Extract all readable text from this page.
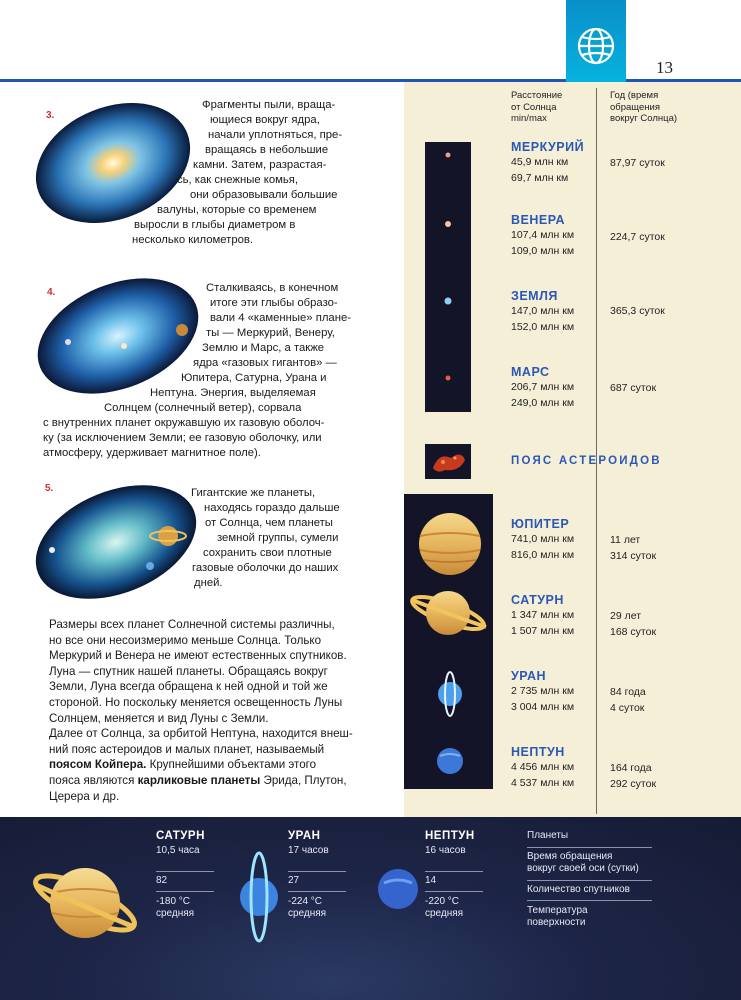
13
3.
4.
5.
Фрагменты пыли, враща-
ющиеся вокруг ядра,
начали уплотняться, пре-
вращаясь в небольшие
камни. Затем, разрастая-
сь, как снежные комья,
они образовывали большие
валуны, которые со временем
выросли в глыбы диаметром в
несколько километров.
Сталкиваясь, в конечном
итоге эти глыбы образо-
вали 4 «каменные» плане-
ты — Меркурий, Венеру,
Землю и Марс, а также
ядра «газовых гигантов» —
Юпитера, Сатурна, Урана и
Нептуна. Энергия, выделяемая
Солнцем (солнечный ветер), сорвала
с внутренних планет окружавшую их газовую оболоч-
ку (за исключением Земли; ее газовую оболочку, или
атмосферу, удерживает магнитное поле).
Гигантские же планеты,
находясь гораздо дальше
от Солнца, чем планеты
земной группы, сумели
сохранить свои плотные
газовые оболочки до наших
дней.
Размеры всех планет Солнечной системы различны,
но все они несоизмеримо меньше Солнца. Только
Меркурий и Венера не имеют естественных спутников.
Луна — спутник нашей планеты. Обращаясь вокруг
Земли, Луна всегда обращена к ней одной и той же
стороной. Но поскольку меняется освещенность Луны
Солнцем, меняется и вид Луны с Земли.
Далее от Солнца, за орбитой Нептуна, находится внеш-
ний пояс астероидов и малых планет, называемый
поясом Койпера. Крупнейшими объектами этого
пояса являются карликовые планеты Эрида, Плутон,
Церера и др.
Расстояние
от Солнца
min/max
Год (время
обращения
вокруг Солнца)
МЕРКУРИЙ
45,9 млн км
69,7 млн км
87,97 суток
ВЕНЕРА
107,4 млн км
109,0 млн км
224,7 суток
ЗЕМЛЯ
147,0 млн км
152,0 млн км
365,3 суток
МАРС
206,7 млн км
249,0 млн км
687 суток
ПОЯС АСТЕРОИДОВ
ЮПИТЕР
741,0 млн км
816,0 млн км
11 лет
314 суток
САТУРН
1 347 млн км
1 507 млн км
29 лет
168 суток
УРАН
2 735 млн км
3 004 млн км
84 года
4 суток
НЕПТУН
4 456 млн км
4 537 млн км
164 года
292 суток
САТУРН
10,5 часа
82
-180 °С
средняя
УРАН
17 часов
27
-224 °С
средняя
НЕПТУН
16 часов
14
-220 °С
средняя
Планеты
Время обращения
вокруг своей оси (сутки)
Количество спутников
Температура
поверхности
